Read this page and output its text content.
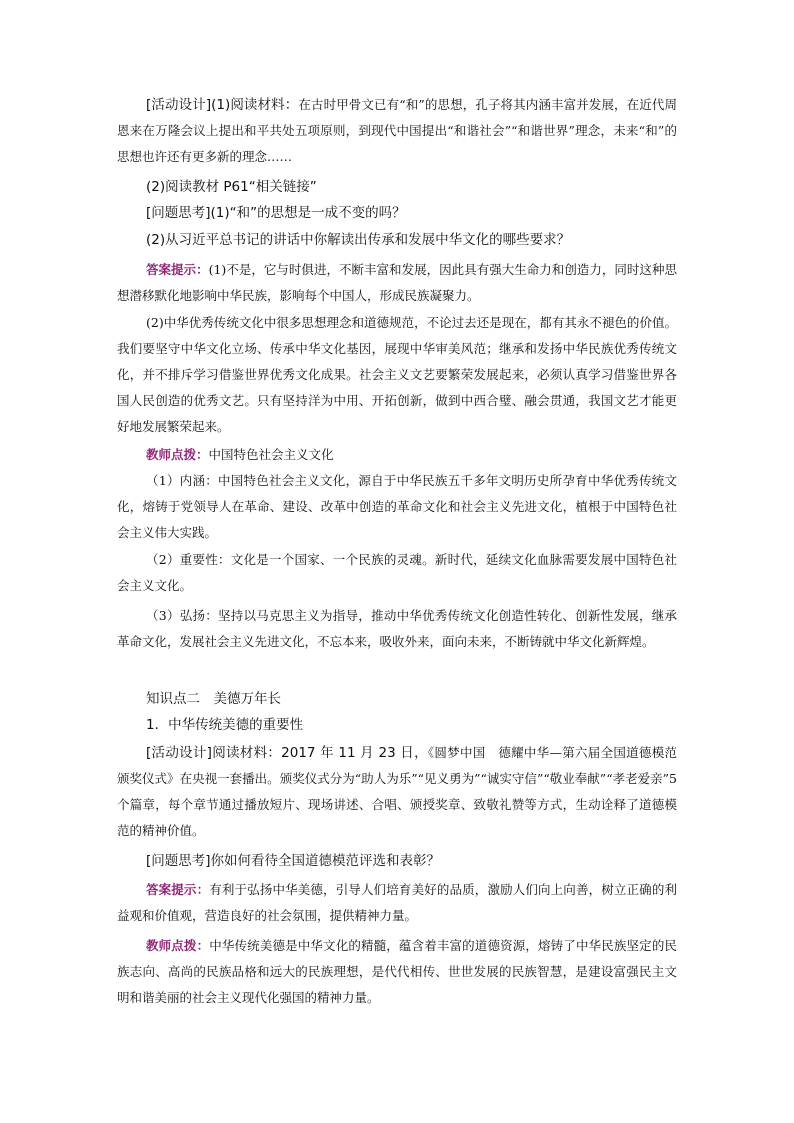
[活动设计](1)阅读材料：在古时甲骨文已有“和”的思想，孔子将其内涵丰富并发展，在近代周恩来在万隆会议上提出和平共处五项原则，到现代中国提出“和谐社会”“和谐世界”理念，未来“和”的思想也许还有更多新的理念……

(2)阅读教材 P61“相关链接”

[问题思考](1)“和”的思想是一成不变的吗？

(2)从习近平总书记的讲话中你解读出传承和发展中华文化的哪些要求？

答案提示：(1)不是，它与时俱进，不断丰富和发展，因此具有强大生命力和创造力，同时这种思想潜移默化地影响中华民族，影响每个中国人，形成民族凝聚力。

(2)中华优秀传统文化中很多思想理念和道德规范，不论过去还是现在，都有其永不褪色的价值。我们要坚守中华文化立场、传承中华文化基因，展现中华审美风范；继承和发扬中华民族优秀传统文化，并不排斥学习借鉴世界优秀文化成果。社会主义文艺要繁荣发展起来，必须认真学习借鉴世界各国人民创造的优秀文艺。只有坚持洋为中用、开拓创新，做到中西合璧、融会贯通，我国文艺才能更好地发展繁荣起来。

教师点拨：中国特色社会主义文化

（1）内涵：中国特色社会主义文化，源自于中华民族五千多年文明历史所孕育中华优秀传统文化，熔铸于党领导人在革命、建设、改革中创造的革命文化和社会主义先进文化，植根于中国特色社会主义伟大实践。

（2）重要性：文化是一个国家、一个民族的灵魂。新时代，延续文化血脉需要发展中国特色社会主义文化。

（3）弘扬：坚持以马克思主义为指导，推动中华优秀传统文化创造性转化、创新性发展，继承革命文化，发展社会主义先进文化，不忘本来，吸收外来，面向未来，不断铸就中华文化新辉煌。

知识点二　美德万年长

1．中华传统美德的重要性

[活动设计]阅读材料：2017 年 11 月 23 日，《圆梦中国　德耀中华—第六届全国道德模范颁奖仪式》在央视一套播出。颁奖仪式分为“助人为乐”“见义勇为”“诚实守信”“敬业奉献”“孝老爱亲”5个篇章，每个章节通过播放短片、现场讲述、合唱、颁授奖章、致敬礼赞等方式，生动诠释了道德模范的精神价值。

[问题思考]你如何看待全国道德模范评选和表彰？

答案提示：有利于弘扬中华美德，引导人们培育美好的品质，激励人们向上向善，树立正确的利益观和价值观，营造良好的社会氛围，提供精神力量。

教师点拨：中华传统美德是中华文化的精髓，蕴含着丰富的道德资源，熔铸了中华民族坚定的民族志向、高尚的民族品格和远大的民族理想，是代代相传、世世发展的民族智慧，是建设富强民主文明和谐美丽的社会主义现代化强国的精神力量。
